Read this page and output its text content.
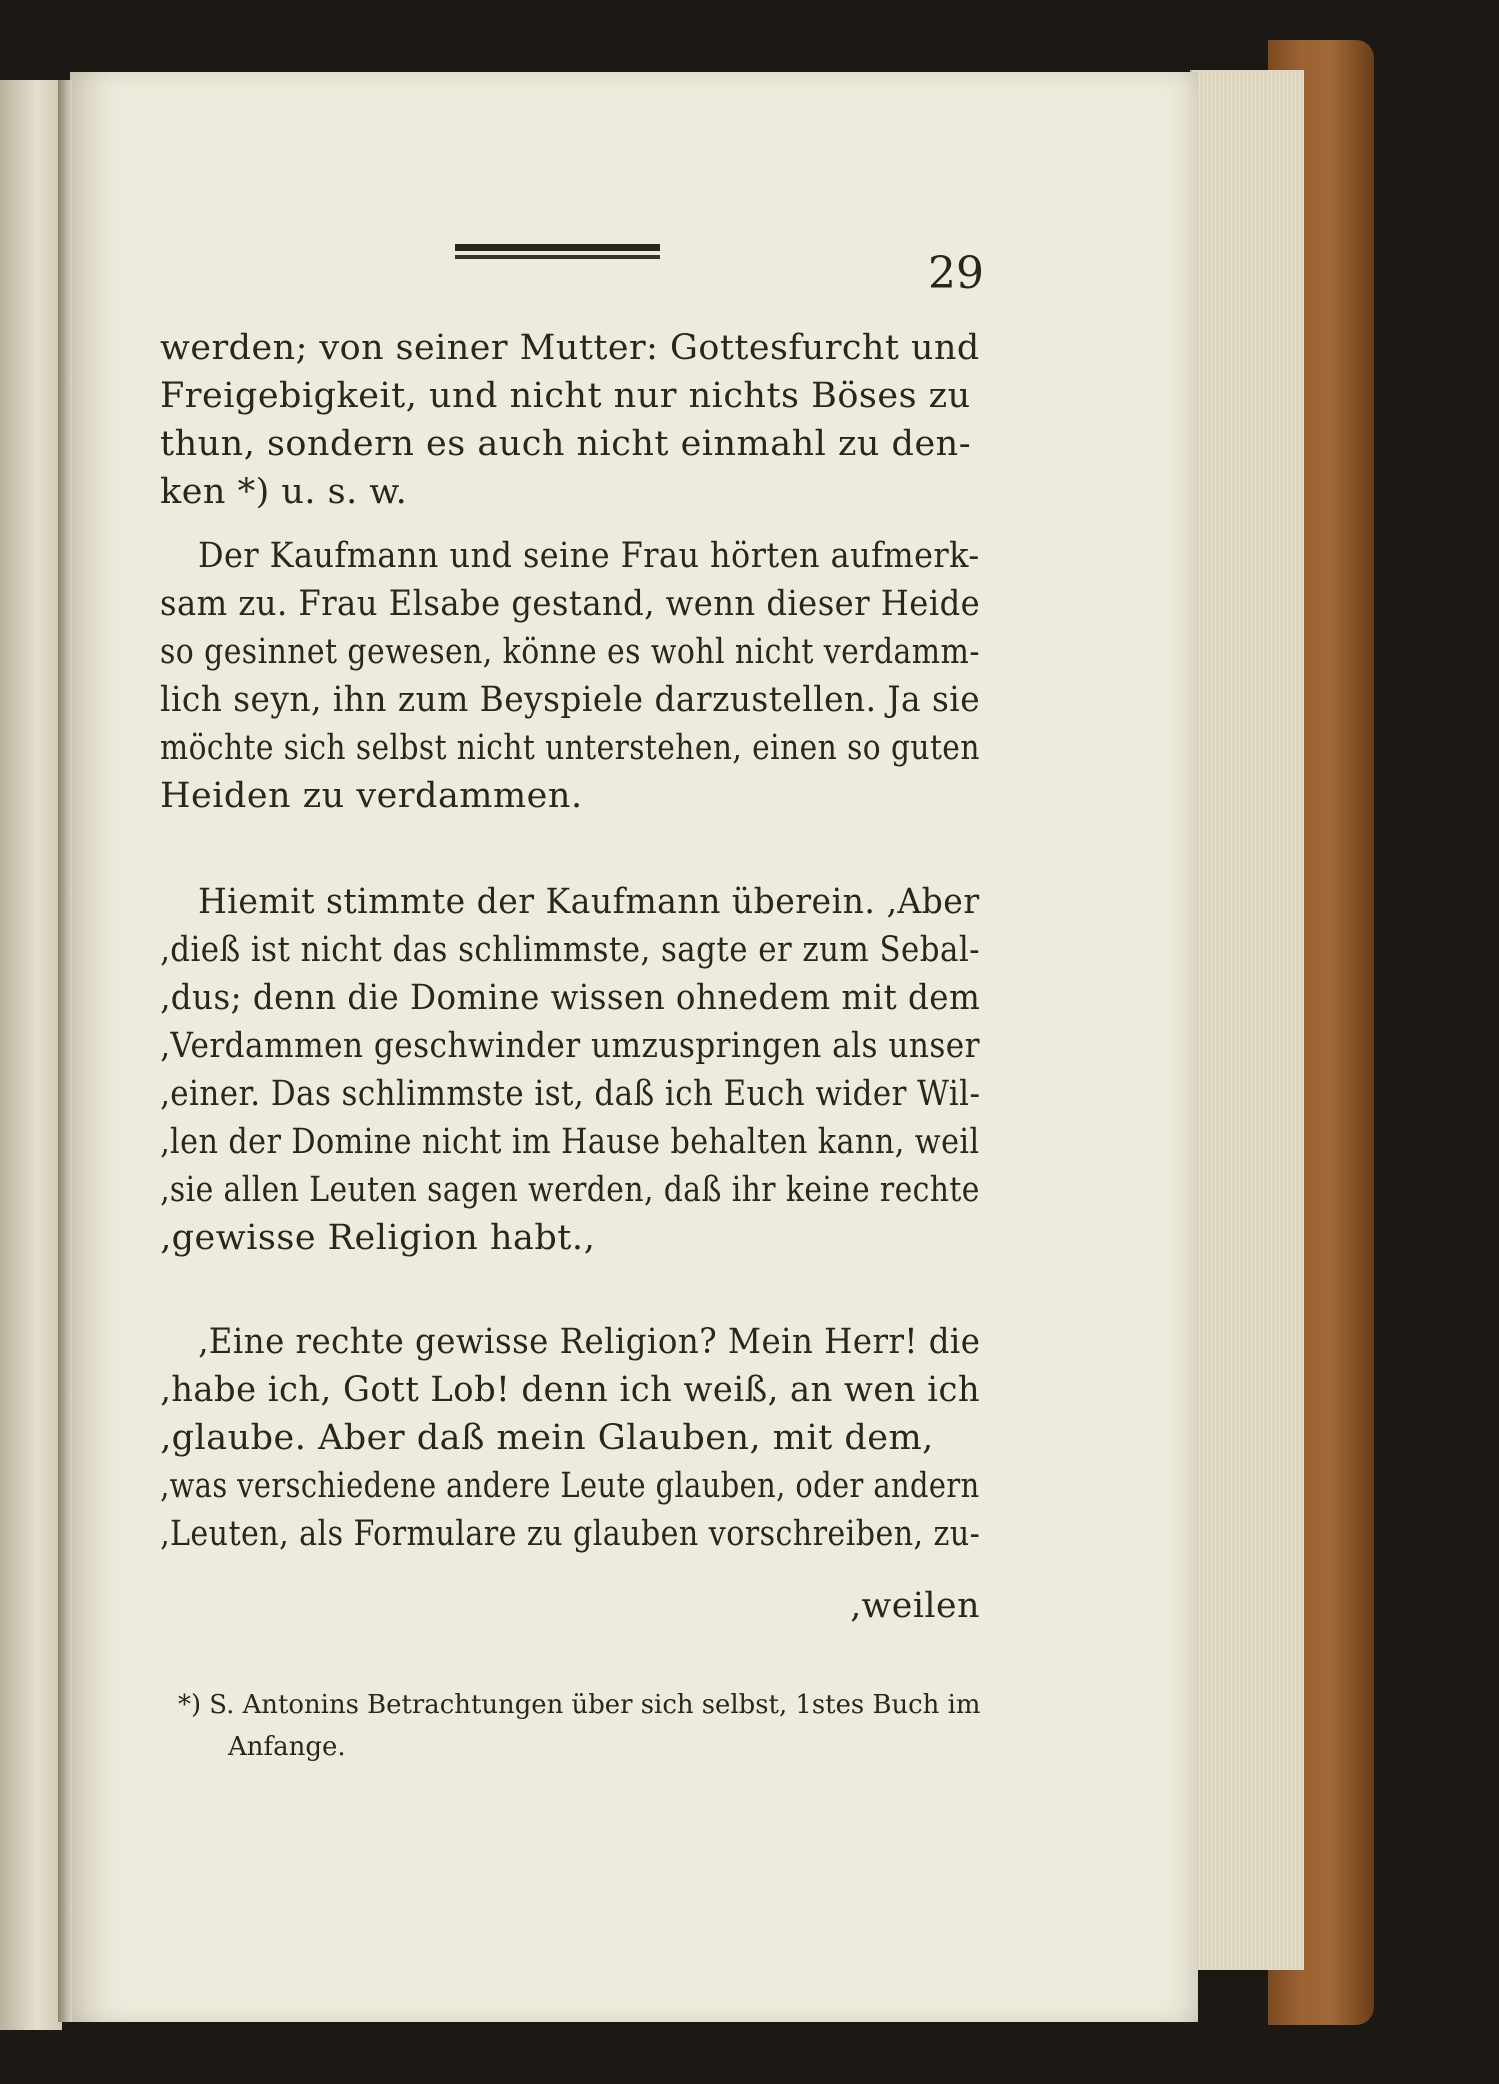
29
werden; von seiner Mutter: Gottesfurcht und
Freigebigkeit, und nicht nur nichts Böses zu
thun, sondern es auch nicht einmahl zu den-
ken *) u. s. w.
Der Kaufmann und seine Frau hörten aufmerk-
sam zu. Frau Elsabe gestand, wenn dieser Heide
so gesinnet gewesen, könne es wohl nicht verdamm-
lich seyn, ihn zum Beyspiele darzustellen. Ja sie
möchte sich selbst nicht unterstehen, einen so guten
Heiden zu verdammen.
Hiemit stimmte der Kaufmann überein. ‚Aber
‚dieß ist nicht das schlimmste, sagte er zum Sebal-
‚dus; denn die Domine wissen ohnedem mit dem
‚Verdammen geschwinder umzuspringen als unser
‚einer. Das schlimmste ist, daß ich Euch wider Wil-
‚len der Domine nicht im Hause behalten kann, weil
‚sie allen Leuten sagen werden, daß ihr keine rechte
‚gewisse Religion habt.‚
‚Eine rechte gewisse Religion? Mein Herr! die
‚habe ich, Gott Lob! denn ich weiß, an wen ich
‚glaube. Aber daß mein Glauben, mit dem,
‚was verschiedene andere Leute glauben, oder andern
‚Leuten, als Formulare zu glauben vorschreiben, zu-
‚weilen
*) S. Antonins Betrachtungen über sich selbst, 1stes Buch im
Anfange.
